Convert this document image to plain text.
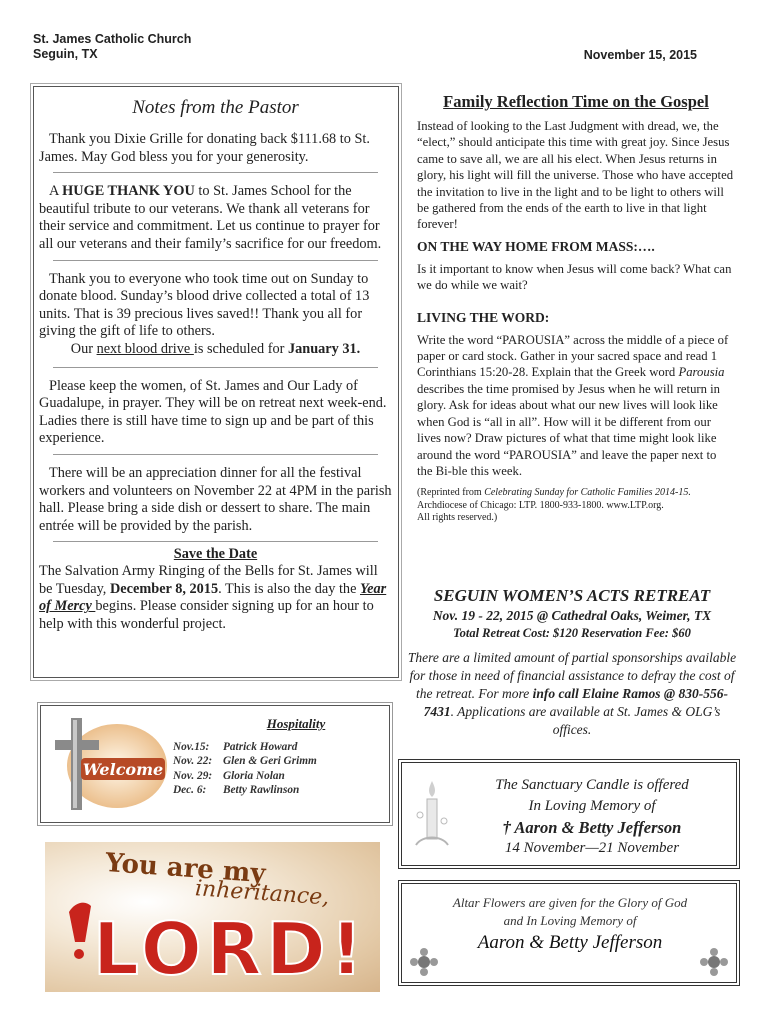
St. James Catholic Church
Seguin, TX	November 15, 2015
Notes from the Pastor

Thank you Dixie Grille for donating back $111.68 to St. James. May God bless you for your generosity.

A HUGE THANK YOU to St. James School for the beautiful tribute to our veterans. We thank all veterans for their service and commitment. Let us continue to prayer for all our veterans and their family’s sacrifice for our freedom.

Thank you to everyone who took time out on Sunday to donate blood. Sunday’s blood drive collected a total of 13 units. That is 39 precious lives saved!! Thank you all for giving the gift of life to others.

Our next blood drive is scheduled for January 31.

Please keep the women, of St. James and Our Lady of Guadalupe, in prayer. They will be on retreat next week-end. Ladies there is still have time to sign up and be part of this experience.

There will be an appreciation dinner for all the festival workers and volunteers on November 22 at 4PM in the parish hall. Please bring a side dish or dessert to share. The main entrée will be provided by the parish.

Save the Date

The Salvation Army Ringing of the Bells for St. James will be Tuesday, December 8, 2015. This is also the day the Year of Mercy begins. Please consider signing up for an hour to help with this wonderful project.

Family Reflection Time on the Gospel

Instead of looking to the Last Judgment with dread, we, the “elect,” should anticipate this time with great joy. Since Jesus came to save all, we are all his elect. When Jesus returns in glory, his light will fill the universe. Those who have accepted the invitation to live in the light and to be light to others will be gathered from the ends of the earth to live in that light forever!

ON THE WAY HOME FROM MASS:….

Is it important to know when Jesus will come back? What can we do while we wait?

LIVING THE WORD:

Write the word “PAROUSIA” across the middle of a piece of paper or card stock. Gather in your sacred space and read 1 Corinthians 15:20-28. Explain that the Greek word Parousia describes the time promised by Jesus when he will return in glory. Ask for ideas about what our new lives will look like when God is “all in all”. How will it be different from our lives now? Draw pictures of what that time might look like around the word “PAROUSIA” and leave the paper next to the Bi-ble this week.

(Reprinted from Celebrating Sunday for Catholic Families 2014-15.
Archdiocese of Chicago: LTP. 1800-933-1800. www.LTP.org.
All rights reserved.)
SEGUIN WOMEN’S ACTS RETREAT
Nov. 19 - 22, 2015 @ Cathedral Oaks, Weimer, TX
Total Retreat Cost: $120 Reservation Fee: $60

There are a limited amount of partial sponsorships available for those in need of financial assistance to defray the cost of the retreat. For more info call Elaine Ramos @ 830-556-7431. Applications are available at St. James & OLG’s offices.

Welcome
Hospitality
Nov.15: Patrick Howard
Nov. 22: Glen & Geri Grimm
Nov. 29: Gloria Nolan
Dec. 6: Betty Rawlinson	The Sanctuary Candle is offered
In Loving Memory of
† Aaron & Betty Jefferson
14 November—21 November
Altar Flowers are given for the Glory of God
and In Loving Memory of
Aaron & Betty Jefferson
You are my
inheritance,
LORD!
